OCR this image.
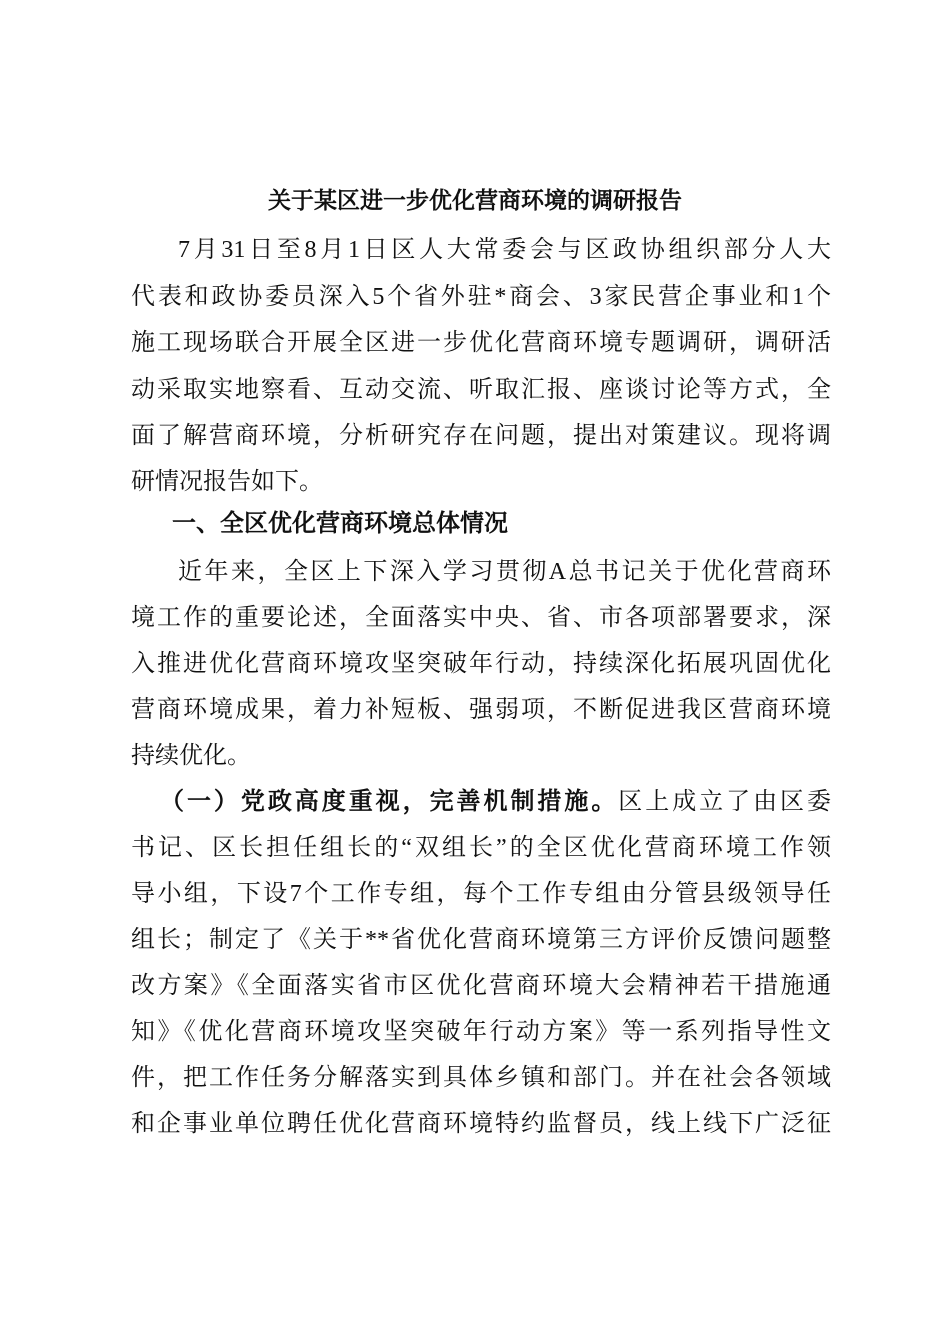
关于某区进一步优化营商环境的调研报告
7月31日至8月1日区人大常委会与区政协组织部分人大
代表和政协委员深入5个省外驻*商会、3家民营企事业和1个
施工现场联合开展全区进一步优化营商环境专题调研，调研活
动采取实地察看、互动交流、听取汇报、座谈讨论等方式，全
面了解营商环境，分析研究存在问题，提出对策建议。现将调
研情况报告如下。
一、全区优化营商环境总体情况
近年来，全区上下深入学习贯彻A总书记关于优化营商环
境工作的重要论述，全面落实中央、省、市各项部署要求，深
入推进优化营商环境攻坚突破年行动，持续深化拓展巩固优化
营商环境成果，着力补短板、强弱项，不断促进我区营商环境
持续优化。
（一）党政高度重视，完善机制措施。区上成立了由区委
书记、区长担任组长的“双组长”的全区优化营商环境工作领
导小组，下设7个工作专组，每个工作专组由分管县级领导任
组长；制定了《关于**省优化营商环境第三方评价反馈问题整
改方案》《全面落实省市区优化营商环境大会精神若干措施通
知》《优化营商环境攻坚突破年行动方案》等一系列指导性文
件，把工作任务分解落实到具体乡镇和部门。并在社会各领域
和企事业单位聘任优化营商环境特约监督员，线上线下广泛征
